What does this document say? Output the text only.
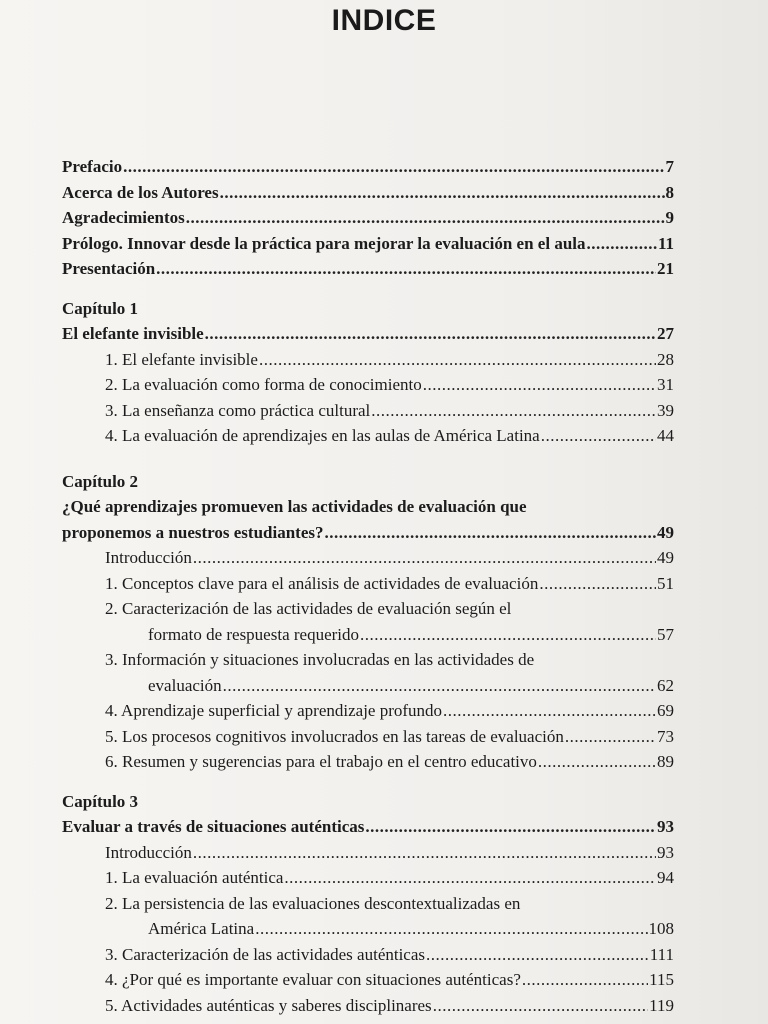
INDICE
Prefacio .....	7
Acerca de los Autores .....	8
Agradecimientos .....	9
Prólogo. Innovar desde la práctica para mejorar la evaluación en el aula .....	11
Presentación .....	21
Capítulo 1
El elefante invisible .....	27
1. El elefante invisible .....	28
2. La evaluación como forma de conocimiento .....	31
3. La enseñanza como práctica cultural .....	39
4. La evaluación de aprendizajes en las aulas de América Latina .....	44
Capítulo 2
¿Qué aprendizajes promueven las actividades de evaluación que
proponemos a nuestros estudiantes? .....	49
Introducción .....	49
1. Conceptos clave para el análisis de actividades de evaluación .....	51
2. Caracterización de las actividades de evaluación según el
formato de respuesta requerido .....	57
3. Información y situaciones involucradas en las actividades de
evaluación .....	62
4. Aprendizaje superficial y aprendizaje profundo .....	69
5. Los procesos cognitivos involucrados en las tareas de evaluación .....	73
6. Resumen y sugerencias para el trabajo en el centro educativo .....	89
Capítulo 3
Evaluar a través de situaciones auténticas .....	93
Introducción .....	93
1. La evaluación auténtica .....	94
2. La persistencia de las evaluaciones descontextualizadas en
América Latina .....	108
3. Caracterización de las actividades auténticas .....	111
4. ¿Por qué es importante evaluar con situaciones auténticas? .....	115
5. Actividades auténticas y saberes disciplinares .....	119
